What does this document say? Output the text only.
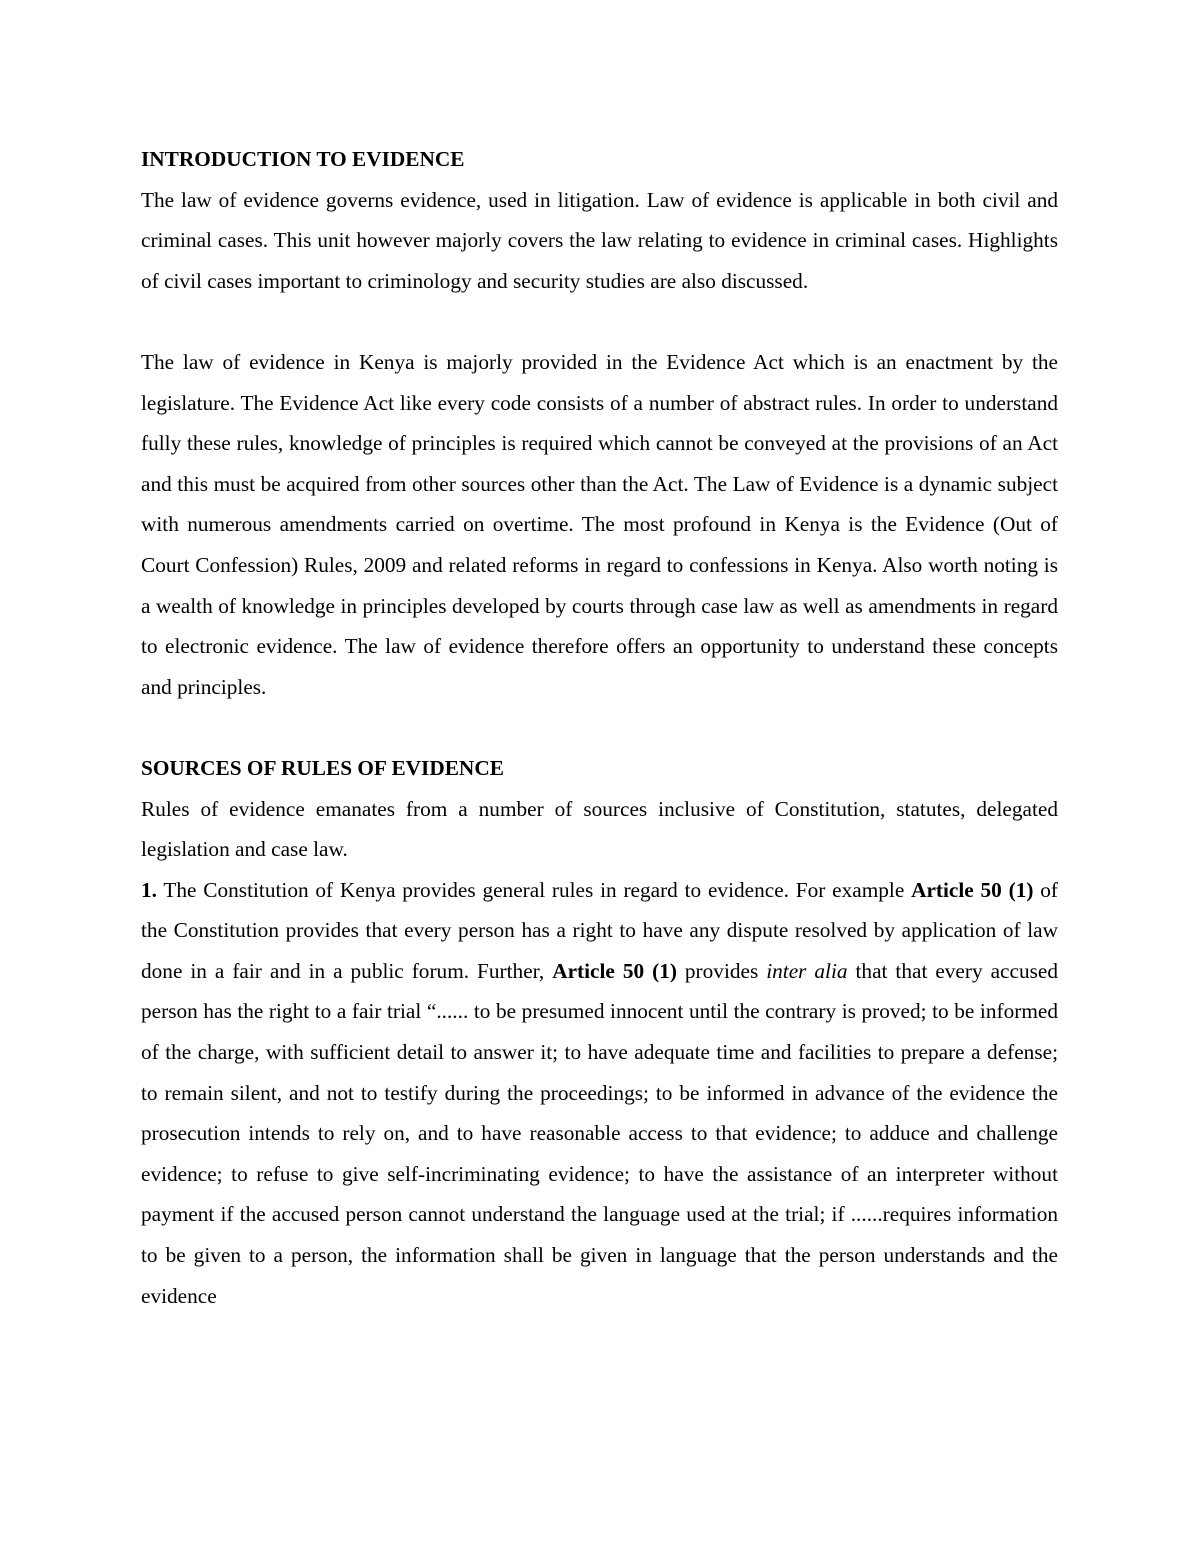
INTRODUCTION TO EVIDENCE

The law of evidence governs evidence, used in litigation. Law of evidence is applicable in both civil and criminal cases. This unit however majorly covers the law relating to evidence in criminal cases. Highlights of civil cases important to criminology and security studies are also discussed.

The law of evidence in Kenya is majorly provided in the Evidence Act which is an enactment by the legislature. The Evidence Act like every code consists of a number of abstract rules. In order to understand fully these rules, knowledge of principles is required which cannot be conveyed at the provisions of an Act and this must be acquired from other sources other than the Act. The Law of Evidence is a dynamic subject with numerous amendments carried on overtime. The most profound in Kenya is the Evidence (Out of Court Confession) Rules, 2009 and related reforms in regard to confessions in Kenya. Also worth noting is a wealth of knowledge in principles developed by courts through case law as well as amendments in regard to electronic evidence. The law of evidence therefore offers an opportunity to understand these concepts and principles.

SOURCES OF RULES OF EVIDENCE

Rules of evidence emanates from a number of sources inclusive of Constitution, statutes, delegated legislation and case law.

1. The Constitution of Kenya provides general rules in regard to evidence. For example Article 50 (1) of the Constitution provides that every person has a right to have any dispute resolved by application of law done in a fair and in a public forum. Further, Article 50 (1) provides inter alia that that every accused person has the right to a fair trial “...... to be presumed innocent until the contrary is proved; to be informed of the charge, with sufficient detail to answer it; to have adequate time and facilities to prepare a defense; to remain silent, and not to testify during the proceedings; to be informed in advance of the evidence the prosecution intends to rely on, and to have reasonable access to that evidence; to adduce and challenge evidence; to refuse to give self-incriminating evidence; to have the assistance of an interpreter without payment if the accused person cannot understand the language used at the trial; if ......requires information to be given to a person, the information shall be given in language that the person understands and the evidence
